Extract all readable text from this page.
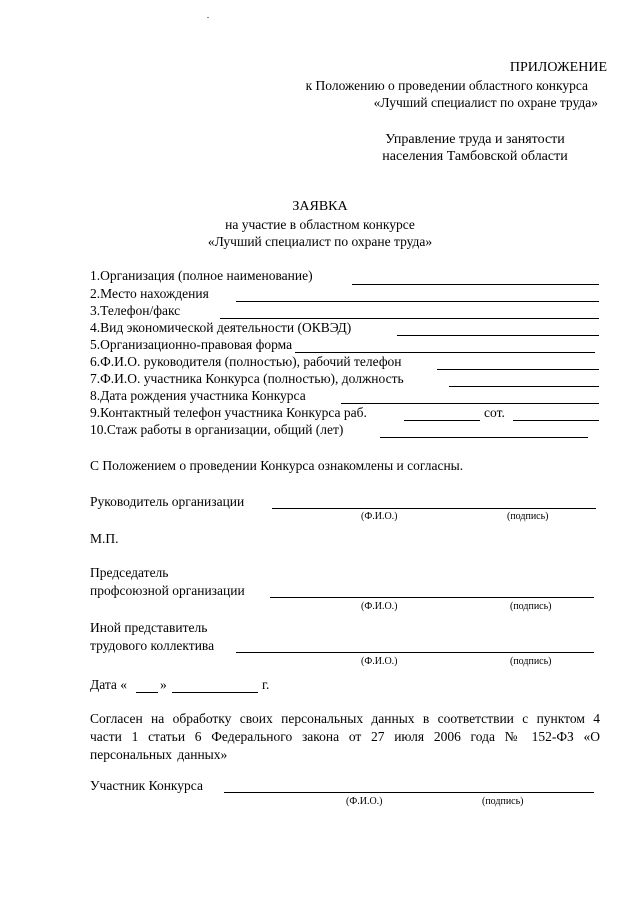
ПРИЛОЖЕНИЕ
к Положению о проведении областного конкурса
«Лучший специалист по охране труда»
Управление труда и занятости
населения Тамбовской области
ЗАЯВКА
на участие в областном конкурсе
«Лучший специалист по охране труда»
1.Организация (полное наименование)
2.Место нахождения
3.Телефон/факс
4.Вид экономической деятельности (ОКВЭД)
5.Организационно-правовая форма
6.Ф.И.О. руководителя (полностью), рабочий телефон
7.Ф.И.О. участника Конкурса (полностью), должность
8.Дата рождения участника Конкурса
9.Контактный телефон участника Конкурса раб.	сот.
10.Стаж работы в организации, общий (лет)
С Положением о проведении Конкурса ознакомлены и согласны.
Руководитель организации
(Ф.И.О.)	(подпись)
М.П.
Председатель
профсоюзной организации
(Ф.И.О.)	(подпись)
Иной представитель
трудового коллектива
(Ф.И.О.)	(подпись)
Дата « »	г.
Согласен на обработку своих персональных данных в соответствии с пунктом 4 части 1 статьи 6 Федерального закона от 27 июля 2006 года № 152-ФЗ «О персональных данных»
Участник Конкурса
(Ф.И.О.)	(подпись)
